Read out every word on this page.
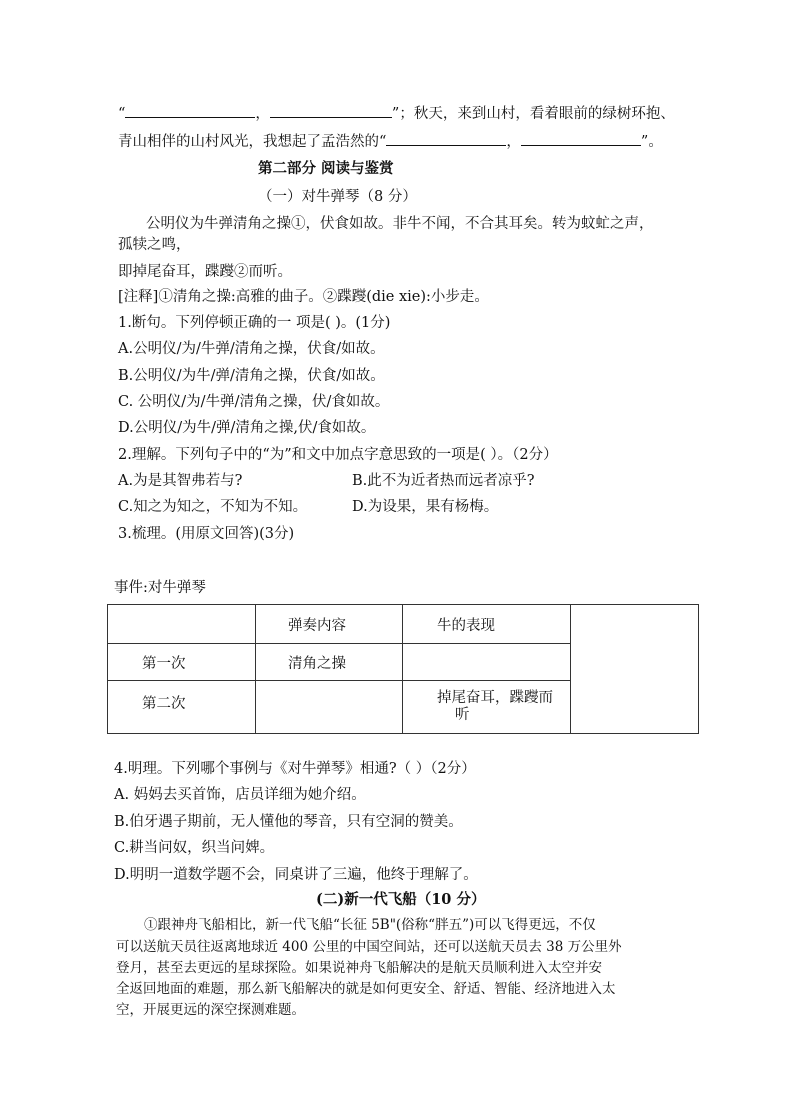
“	，	”；秋天，来到山村，看着眼前的绿树环抱、
青山相伴的山村风光，我想起了孟浩然的“	，	”。
第二部分 阅读与鉴赏
（一）对牛弹琴（8 分）
公明仪为牛弹清角之操①，伏食如故。非牛不闻，不合其耳矣。转为蚊虻之声，
孤犊之鸣，
即掉尾奋耳，蹀躞②而听。
[注释]①清角之操:高雅的曲子。②蹀躞(die xie):小步走。
1.断句。下列停顿正确的一 项是( )。(1分)
A.公明仪/为/牛弹/清角之操，伏食/如故。
B.公明仪/为牛/弹/清角之操，伏食/如故。
C. 公明仪/为/牛弹/清角之操，伏/食如故。
D.公明仪/为牛/弹/清角之操,伏/食如故。
2.理解。下列句子中的“为”和文中加点字意思致的一项是( ）。（2分）
A.为是其智弗若与?	B.此不为近者热而远者凉乎?
C.知之为知之，不知为不知。	D.为设果，果有杨梅。
3.梳理。(用原文回答)(3分)
事件:对牛弹琴
	弹奏内容	牛的表现	
第一次	清角之操		
第二次		掉尾奋耳，蹀躞而
听	
4.明理。下列哪个事例与《对牛弹琴》相通?（ ）（2分）
A. 妈妈去买首饰，店员详细为她介绍。
B.伯牙遇子期前，无人懂他的琴音，只有空洞的赞美。
C.耕当问奴，织当问婢。
D.明明一道数学题不会，同桌讲了三遍，他终于理解了。
(二)新一代飞船（10 分）
①跟神舟飞船相比，新一代飞船“长征 5B"(俗称“胖五”)可以飞得更远，不仅
可以送航天员往返离地球近 400 公里的中国空间站，还可以送航天员去 38 万公里外
登月，甚至去更远的星球探险。如果说神舟飞船解决的是航天员顺利进入太空并安
全返回地面的难题，那么新飞船解决的就是如何更安全、舒适、智能、经济地进入太
空，开展更远的深空探测难题。
